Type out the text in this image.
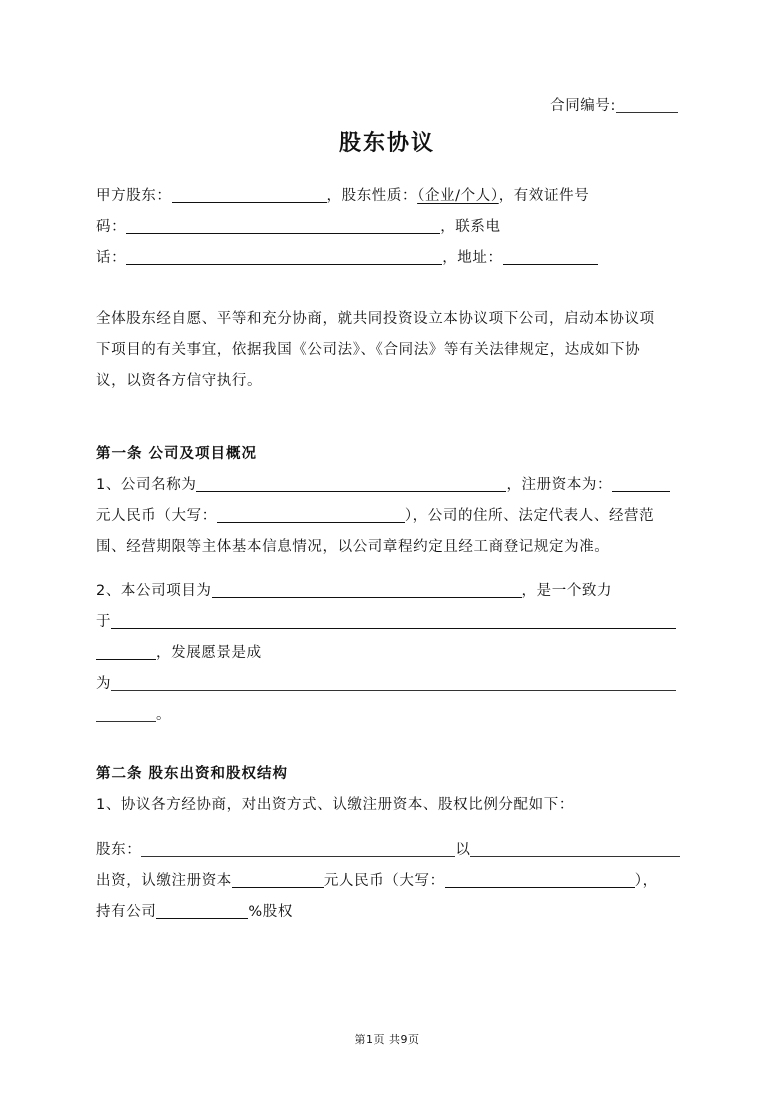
合同编号:
股东协议
甲方股东：	，股东性质：（企业/个人），有效证件号
码：	，联系电
话：	，地址：
全体股东经自愿、平等和充分协商，就共同投资设立本协议项下公司，启动本协议项
下项目的有关事宜，依据我国《公司法》、《合同法》等有关法律规定，达成如下协
议，以资各方信守执行。
第一条 公司及项目概况
1、公司名称为	，注册资本为：
元人民币（大写：	），公司的住所、法定代表人、经营范
围、经营期限等主体基本信息情况，以公司章程约定且经工商登记规定为准。
2、本公司项目为	，是一个致力
于
，发展愿景是成
为
。
第二条 股东出资和股权结构
1、协议各方经协商，对出资方式、认缴注册资本、股权比例分配如下：
股东：	以
出资，认缴注册资本	元人民币（大写：	），
持有公司	%股权
第1页 共9页
